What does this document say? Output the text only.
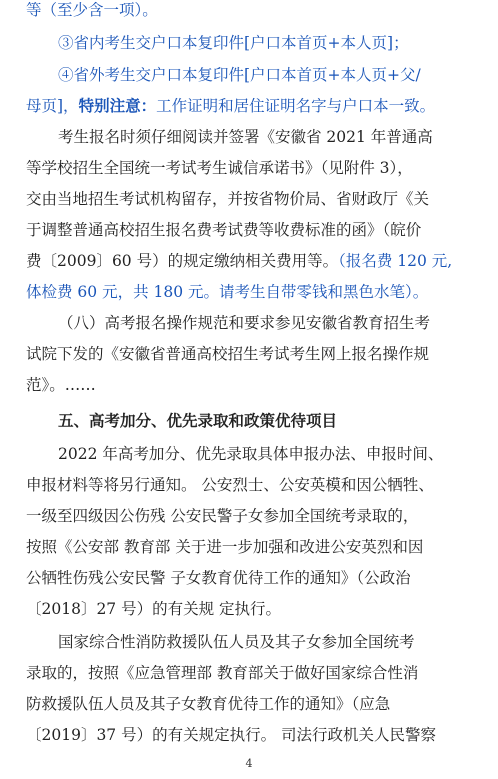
等（至少含一项）。
③省内考生交户口本复印件[户口本首页+本人页]；
④省外考生交户口本复印件[户口本首页+本人页+父/
母页]，特别注意：工作证明和居住证明名字与户口本一致。
考生报名时须仔细阅读并签署《安徽省 2021 年普通高
等学校招生全国统一考试考生诚信承诺书》（见附件 3），
交由当地招生考试机构留存，并按省物价局、省财政厅《关
于调整普通高校招生报名费考试费等收费标准的函》（皖价
费〔2009〕60 号）的规定缴纳相关费用等。（报名费 120 元,
体检费 60 元，共 180 元。请考生自带零钱和黑色水笔）。
（八）高考报名操作规范和要求参见安徽省教育招生考
试院下发的《安徽省普通高校招生考试考生网上报名操作规
范》。……
五、高考加分、优先录取和政策优待项目
2022 年高考加分、优先录取具体申报办法、申报时间、
申报材料等将另行通知。 公安烈士、公安英模和因公牺牲、
一级至四级因公伤残 公安民警子女参加全国统考录取的，
按照《公安部 教育部 关于进一步加强和改进公安英烈和因
公牺牲伤残公安民警 子女教育优待工作的通知》（公政治
〔2018〕27 号）的有关规 定执行。
国家综合性消防救援队伍人员及其子女参加全国统考
录取的，按照《应急管理部 教育部关于做好国家综合性消
防救援队伍人员及其子女教育优待工作的通知》（应急
〔2019〕37 号）的有关规定执行。 司法行政机关人民警察
4
